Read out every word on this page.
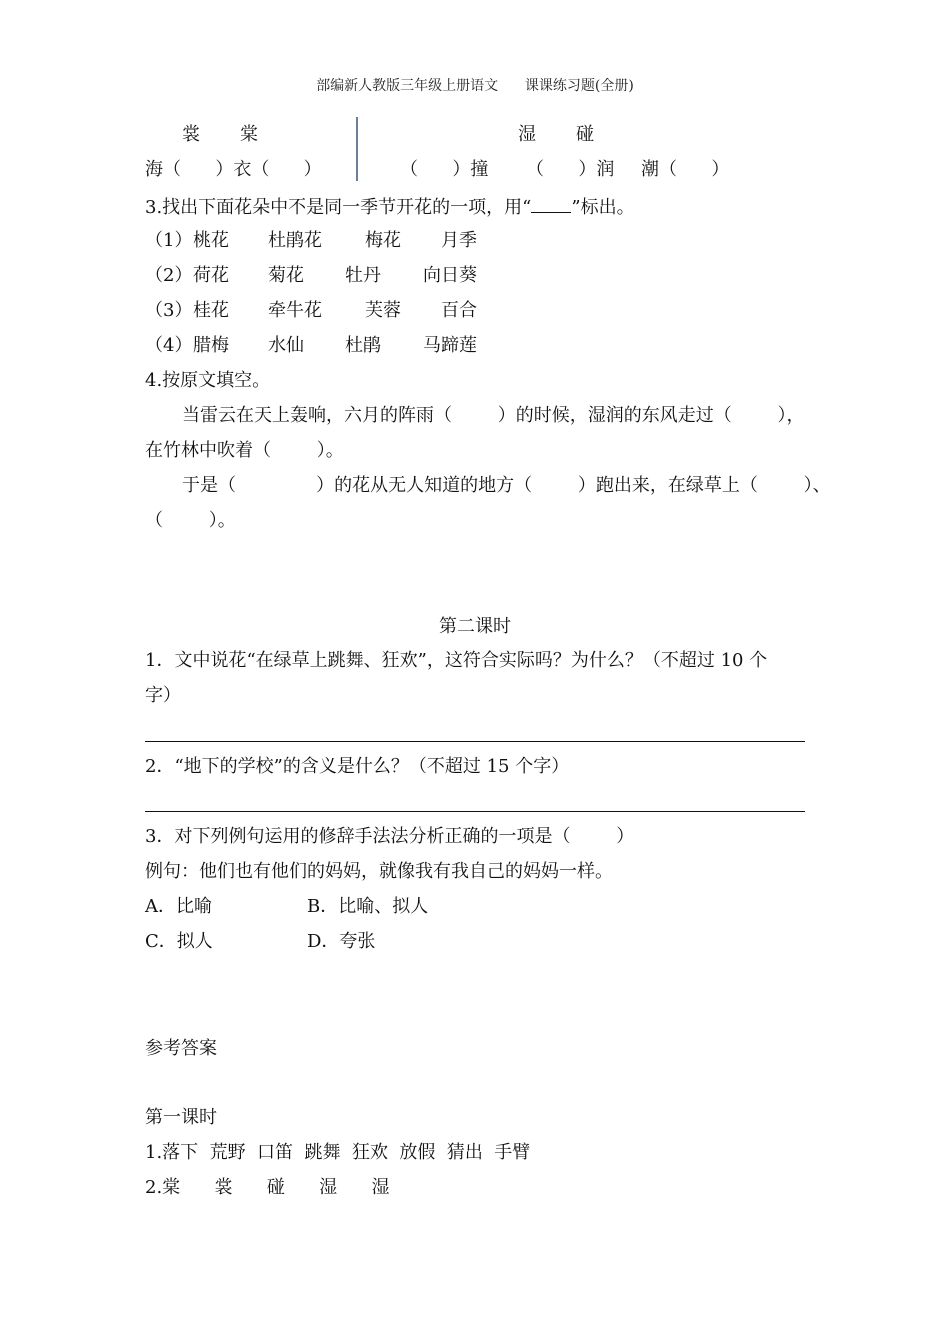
部编新人教版三年级上册语文      课课练习题(全册)
裳 棠
海（      ）衣（      ）
湿 碰
（      ）撞 （      ）润 潮（      ）
3.找出下面花朵中不是同一季节开花的一项，用“ ”标出。
（1） 桃花 杜鹃花 梅花 月季
（2） 荷花 菊花 牡丹 向日葵
（3） 桂花 牵牛花 芙蓉 百合
（4） 腊梅 水仙 杜鹃 马蹄莲
4.按原文填空。
当雷云在天上轰响，六月的阵雨（        ）的时候，湿润的东风走过（        ），
在竹林中吹着（        ）。
于是（              ）的花从无人知道的地方（        ）跑出来，在绿草上（        ）、
（        ）。
第二课时
1．文中说花“在绿草上跳舞、狂欢”，这符合实际吗？为什么？（不超过 10 个
字）
2．“地下的学校”的含义是什么？（不超过 15 个字）
3．对下列例句运用的修辞手法法分析正确的一项是（        ）
例句：他们也有他们的妈妈，就像我有我自己的妈妈一样。
A．比喻	B．比喻、拟人
C．拟人	D．夸张
参考答案
第一课时
1.落下  荒野  口笛  跳舞  狂欢  放假  猜出  手臂
2.棠      裳      碰      湿      湿
